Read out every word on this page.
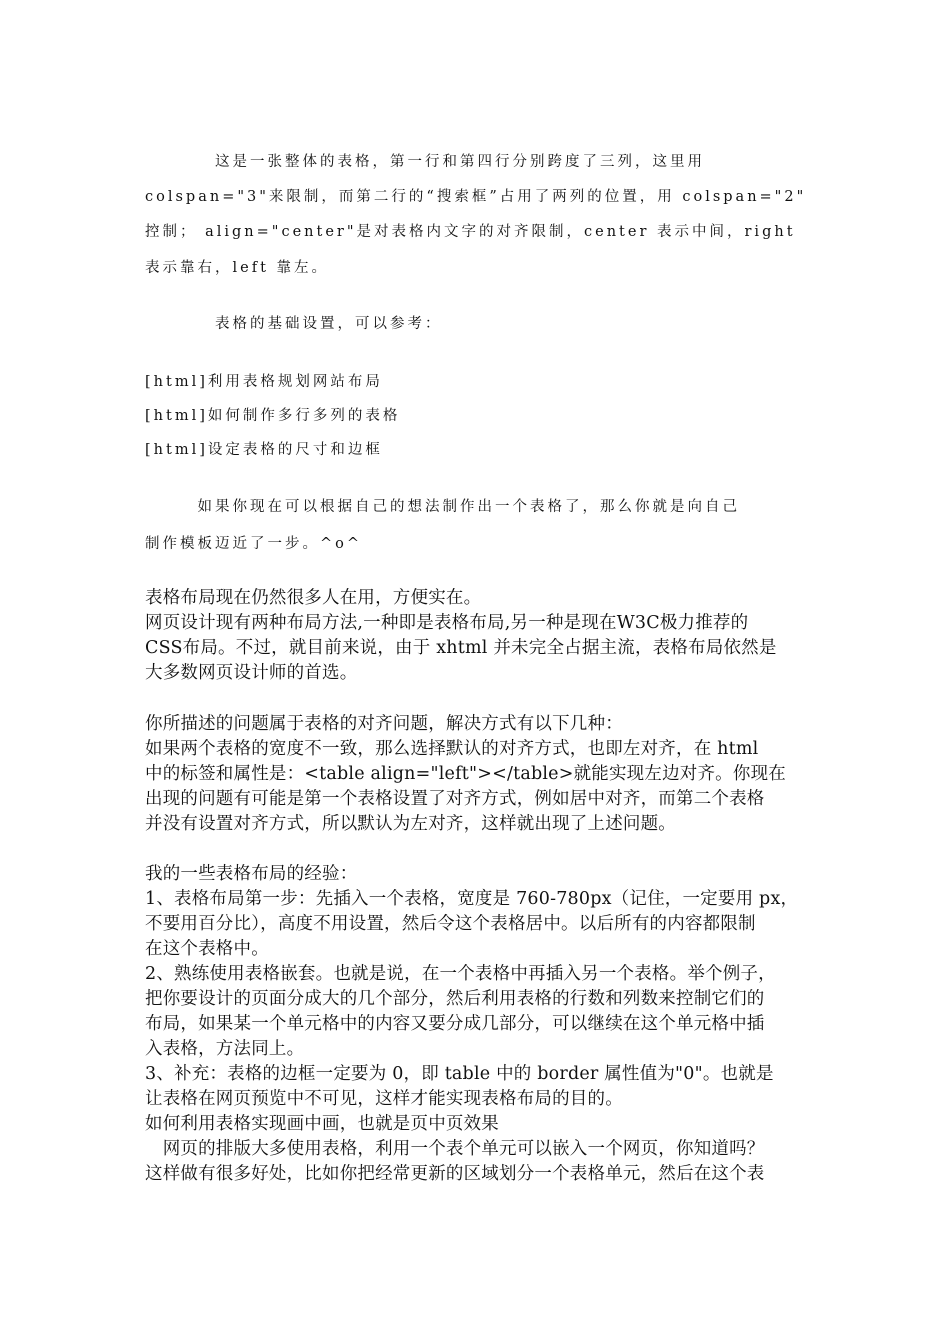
　　　　这是一张整体的表格，第一行和第四行分别跨度了三列，这里用
colspan="3"来限制，而第二行的“搜索框”占用了两列的位置，用 colspan="2"
控制； align="center"是对表格内文字的对齐限制，center 表示中间，right
表示靠右，left 靠左。
　　　　表格的基础设置，可以参考：
[html]利用表格规划网站布局
[html]如何制作多行多列的表格
[html]设定表格的尺寸和边框
　　　如果你现在可以根据自己的想法制作出一个表格了，那么你就是向自己
制作模板迈近了一步。^o^
表格布局现在仍然很多人在用，方便实在。
网页设计现有两种布局方法,一种即是表格布局,另一种是现在W3C极力推荐的
CSS布局。不过，就目前来说，由于 xhtml 并未完全占据主流，表格布局依然是
大多数网页设计师的首选。
你所描述的问题属于表格的对齐问题，解决方式有以下几种：
如果两个表格的宽度不一致，那么选择默认的对齐方式，也即左对齐，在 html
中的标签和属性是：<table align="left"></table>就能实现左边对齐。你现在
出现的问题有可能是第一个表格设置了对齐方式，例如居中对齐，而第二个表格
并没有设置对齐方式，所以默认为左对齐，这样就出现了上述问题。
我的一些表格布局的经验：
1、表格布局第一步：先插入一个表格，宽度是 760-780px（记住，一定要用 px，
不要用百分比），高度不用设置，然后令这个表格居中。以后所有的内容都限制
在这个表格中。
2、熟练使用表格嵌套。也就是说，在一个表格中再插入另一个表格。举个例子，
把你要设计的页面分成大的几个部分，然后利用表格的行数和列数来控制它们的
布局，如果某一个单元格中的内容又要分成几部分，可以继续在这个单元格中插
入表格，方法同上。
3、补充：表格的边框一定要为 0，即 table 中的 border 属性值为"0"。也就是
让表格在网页预览中不可见，这样才能实现表格布局的目的。
如何利用表格实现画中画，也就是页中页效果
　网页的排版大多使用表格，利用一个表个单元可以嵌入一个网页，你知道吗？
这样做有很多好处，比如你把经常更新的区域划分一个表格单元，然后在这个表
